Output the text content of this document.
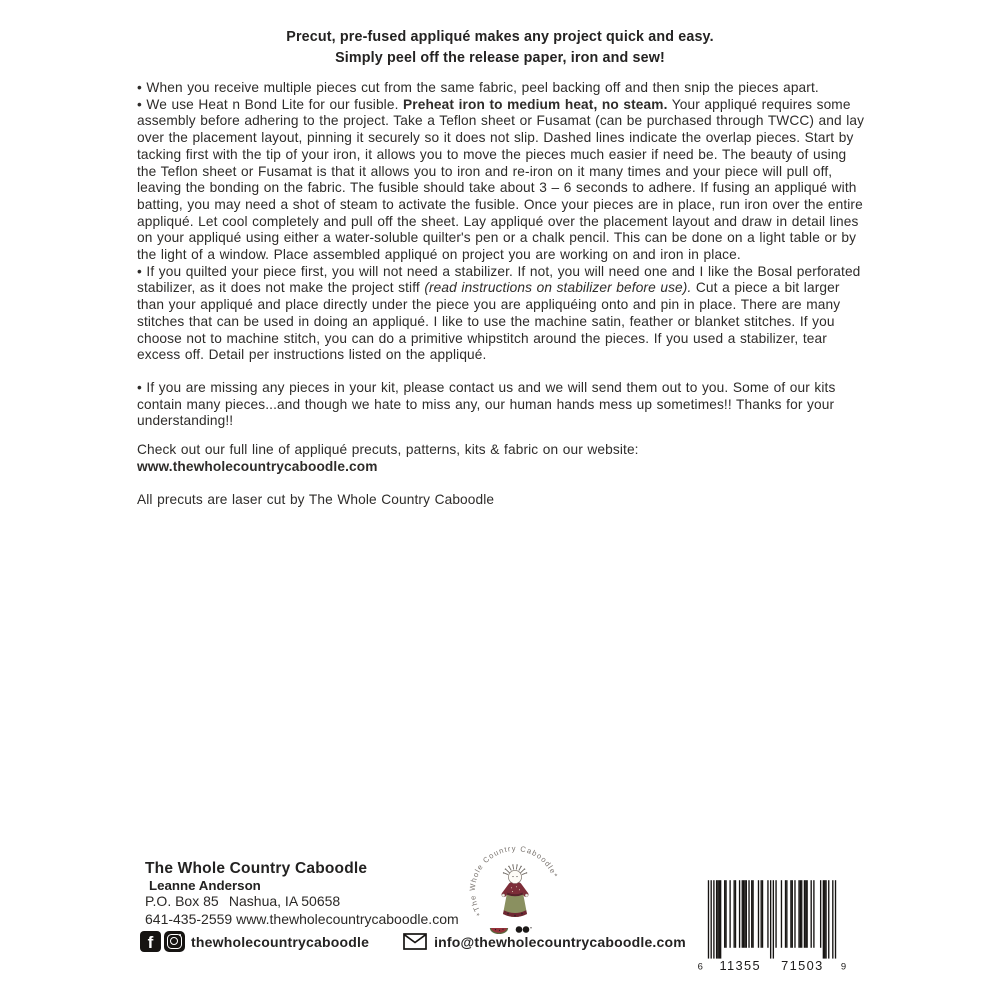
Precut, pre-fused appliqué makes any project quick and easy.
Simply peel off the release paper, iron and sew!

• When you receive multiple pieces cut from the same fabric, peel backing off and then snip the pieces apart.

• We use Heat n Bond Lite for our fusible. Preheat iron to medium heat, no steam. Your appliqué requires some assembly before adhering to the project. Take a Teflon sheet or Fusamat (can be purchased through TWCC) and lay over the placement layout, pinning it securely so it does not slip. Dashed lines indicate the overlap pieces. Start by tacking first with the tip of your iron, it allows you to move the pieces much easier if need be. The beauty of using the Teflon sheet or Fusamat is that it allows you to iron and re-iron on it many times and your piece will pull off, leaving the bonding on the fabric. The fusible should take about 3 – 6 seconds to adhere. If fusing an appliqué with batting, you may need a shot of steam to activate the fusible. Once your pieces are in place, run iron over the entire appliqué. Let cool completely and pull off the sheet. Lay appliqué over the placement layout and draw in detail lines on your appliqué using either a water-soluble quilter's pen or a chalk pencil. This can be done on a light table or by the light of a window. Place assembled appliqué on project you are working on and iron in place.

• If you quilted your piece first, you will not need a stabilizer. If not, you will need one and I like the Bosal perforated stabilizer, as it does not make the project stiff (read instructions on stabilizer before use). Cut a piece a bit larger than your appliqué and place directly under the piece you are appliquéing onto and pin in place. There are many stitches that can be used in doing an appliqué. I like to use the machine satin, feather or blanket stitches. If you choose not to machine stitch, you can do a primitive whipstitch around the pieces. If you used a stabilizer, tear excess off. Detail per instructions listed on the appliqué.

• If you are missing any pieces in your kit, please contact us and we will send them out to you. Some of our kits contain many pieces...and though we hate to miss any, our human hands mess up sometimes!! Thanks for your understanding!!

Check out our full line of appliqué precuts, patterns, kits & fabric on our website: www.thewholecountrycaboodle.com

All precuts are laser cut by The Whole Country Caboodle

The Whole Country Caboodle
Leanne Anderson
P.O. Box 85 Nashua, IA 50658
641-435-2559 www.thewholecountrycaboodle.com
f	thewholecountrycaboodle	info@thewholecountrycaboodle.com
*The Whole Country Caboodle*
6 11355 71503 9
